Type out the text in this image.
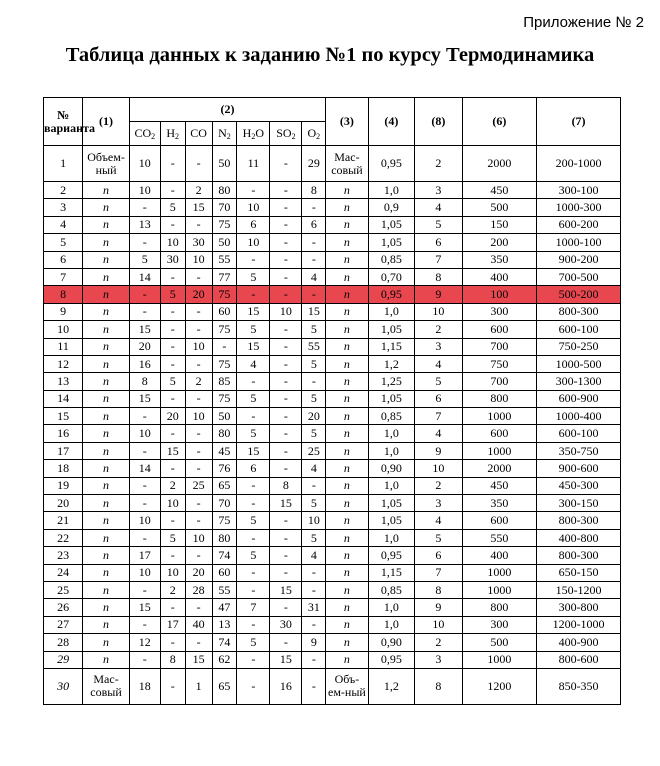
Приложение № 2
Таблица данных к заданию №1 по курсу Термодинамика
№ варианта	(1)	(2)							(3)	(4)	(8)	(6)	(7)
		$CO_2$	$H_2$	CO	$N_2$	$H_2O$	$SO_2$	$O_2$
1	Объем-ный	10	-	-	50	11	-	29	Мас-совый	0,95	2	2000	200-1000
2	n	10	-	2	80	-	-	8	n	1,0	3	450	300-100
3	n	-	5	15	70	10	-	-	n	0,9	4	500	1000-300
4	n	13	-	-	75	6	-	6	n	1,05	5	150	600-200
5	n	-	10	30	50	10	-	-	n	1,05	6	200	1000-100
6	n	5	30	10	55	-	-	-	n	0,85	7	350	900-200
7	n	14	-	-	77	5	-	4	n	0,70	8	400	700-500
8	n	-	5	20	75	-	-	-	n	0,95	9	100	500-200
9	n	-	-	-	60	15	10	15	n	1,0	10	300	800-300
10	n	15	-	-	75	5	-	5	n	1,05	2	600	600-100
11	n	20	-	10	-	15	-	55	n	1,15	3	700	750-250
12	n	16	-	-	75	4	-	5	n	1,2	4	750	1000-500
13	n	8	5	2	85	-	-	-	n	1,25	5	700	300-1300
14	n	15	-	-	75	5	-	5	n	1,05	6	800	600-900
15	n	-	20	10	50	-	-	20	n	0,85	7	1000	1000-400
16	n	10	-	-	80	5	-	5	n	1,0	4	600	600-100
17	n	-	15	-	45	15	-	25	n	1,0	9	1000	350-750
18	n	14	-	-	76	6	-	4	n	0,90	10	2000	900-600
19	n	-	2	25	65	-	8	-	n	1,0	2	450	450-300
20	n	-	10	-	70	-	15	5	n	1,05	3	350	300-150
21	n	10	-	-	75	5	-	10	n	1,05	4	600	800-300
22	n	-	5	10	80	-	-	5	n	1,0	5	550	400-800
23	n	17	-	-	74	5	-	4	n	0,95	6	400	800-300
24	n	10	10	20	60	-	-	-	n	1,15	7	1000	650-150
25	n	-	2	28	55	-	15	-	n	0,85	8	1000	150-1200
26	n	15	-	-	47	7	-	31	n	1,0	9	800	300-800
27	n	-	17	40	13	-	30	-	n	1,0	10	300	1200-1000
28	n	12	-	-	74	5	-	9	n	0,90	2	500	400-900
29	n	-	8	15	62	-	15	-	n	0,95	3	1000	800-600
30	Мас-совый	18	-	1	65	-	16	-	Объ-ем-ный	1,2	8	1200	850-350
